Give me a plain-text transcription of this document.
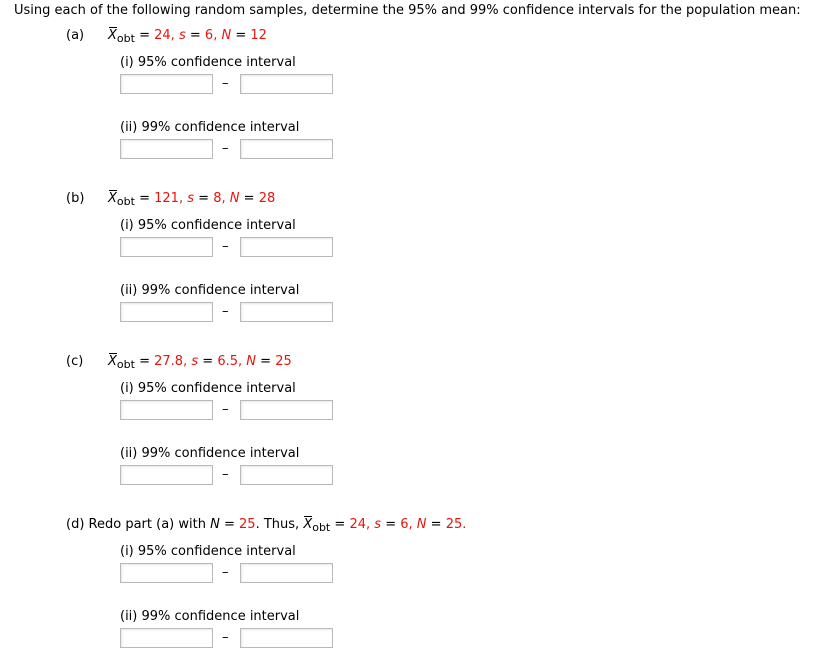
Using each of the following random samples, determine the 95% and 99% confidence intervals for the population mean:
(a) $X_{obt} = 24$, s = 6, N = 12
(i) 95% confidence interval
–
(ii) 99% confidence interval
–
(b) $X_{obt} = 121$, s = 8, N = 28
(i) 95% confidence interval
–
(ii) 99% confidence interval
–
(c) $X_{obt} = 27.8$, s = 6.5, N = 25
(i) 95% confidence interval
–
(ii) 99% confidence interval
–
(d) Redo part (a) with N = 25. Thus, $X_{obt} = 24$, s = 6, N = 25.
(i) 95% confidence interval
–
(ii) 99% confidence interval
–
